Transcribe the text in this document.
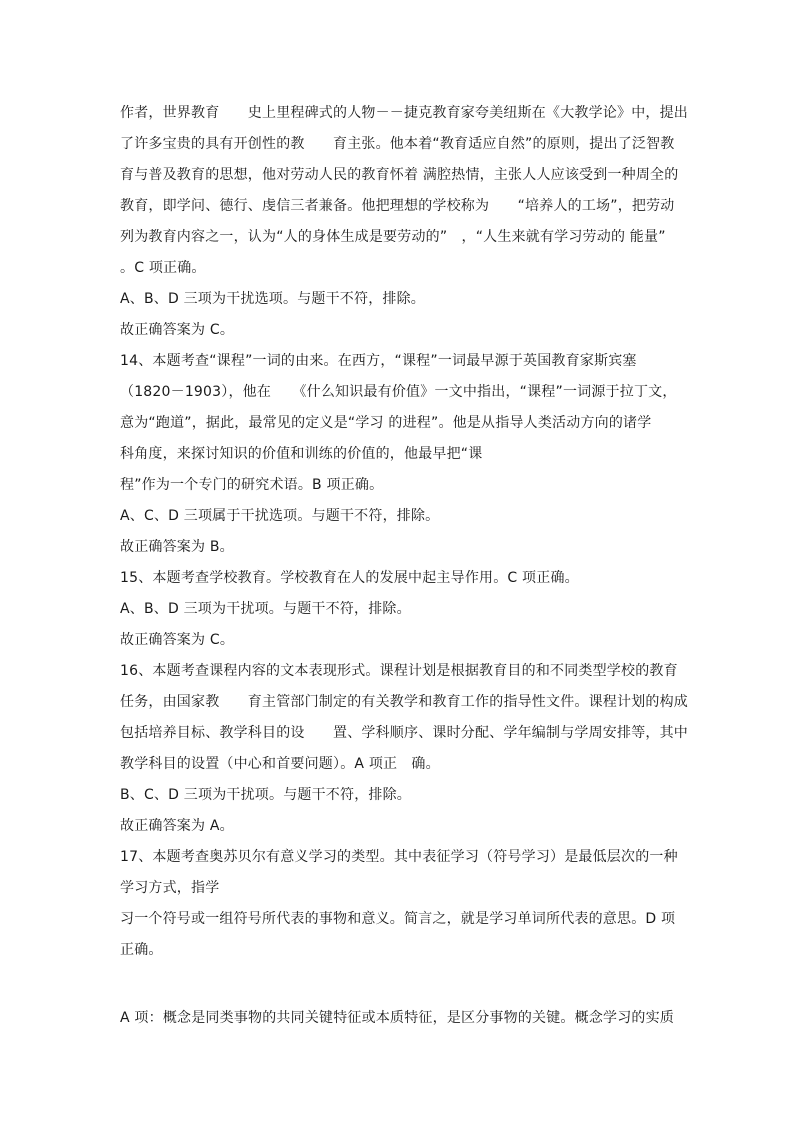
作者，世界教育　　史上里程碑式的人物－－捷克教育家夸美纽斯在《大教学论》中，提出
了许多宝贵的具有开创性的教　　育主张。他本着“教育适应自然”的原则，提出了泛智教
育与普及教育的思想，他对劳动人民的教育怀着 满腔热情，主张人人应该受到一种周全的
教育，即学问、德行、虔信三者兼备。他把理想的学校称为　　“培养人的工场”，把劳动
列为教育内容之一，认为“人的身体生成是要劳动的”　，“人生来就有学习劳动的 能量”
。C 项正确。
A、B、D 三项为干扰选项。与题干不符，排除。
故正确答案为 C。
14、本题考查“课程”一词的由来。在西方，“课程”一词最早源于英国教育家斯宾塞
（1820－1903），他在　　《什么知识最有价值》一文中指出，“课程”一词源于拉丁文，
意为“跑道”，据此，最常见的定义是“学习 的进程”。他是从指导人类活动方向的诸学
科角度，来探讨知识的价值和训练的价值的，他最早把“课
程”作为一个专门的研究术语。B 项正确。
A、C、D 三项属于干扰选项。与题干不符，排除。
故正确答案为 B。
15、本题考查学校教育。学校教育在人的发展中起主导作用。C 项正确。
A、B、D 三项为干扰项。与题干不符，排除。
故正确答案为 C。
16、本题考查课程内容的文本表现形式。课程计划是根据教育目的和不同类型学校的教育
任务，由国家教　　育主管部门制定的有关教学和教育工作的指导性文件。课程计划的构成
包括培养目标、教学科目的设　　置、学科顺序、课时分配、学年编制与学周安排等，其中
教学科目的设置（中心和首要问题）。A 项正　确。
B、C、D 三项为干扰项。与题干不符，排除。
故正确答案为 A。
17、本题考查奥苏贝尔有意义学习的类型。其中表征学习（符号学习）是最低层次的一种
学习方式，指学
习一个符号或一组符号所代表的事物和意义。简言之，就是学习单词所代表的意思。D 项
正确。
A 项：概念是同类事物的共同关键特征或本质特征，是区分事物的关键。概念学习的实质
